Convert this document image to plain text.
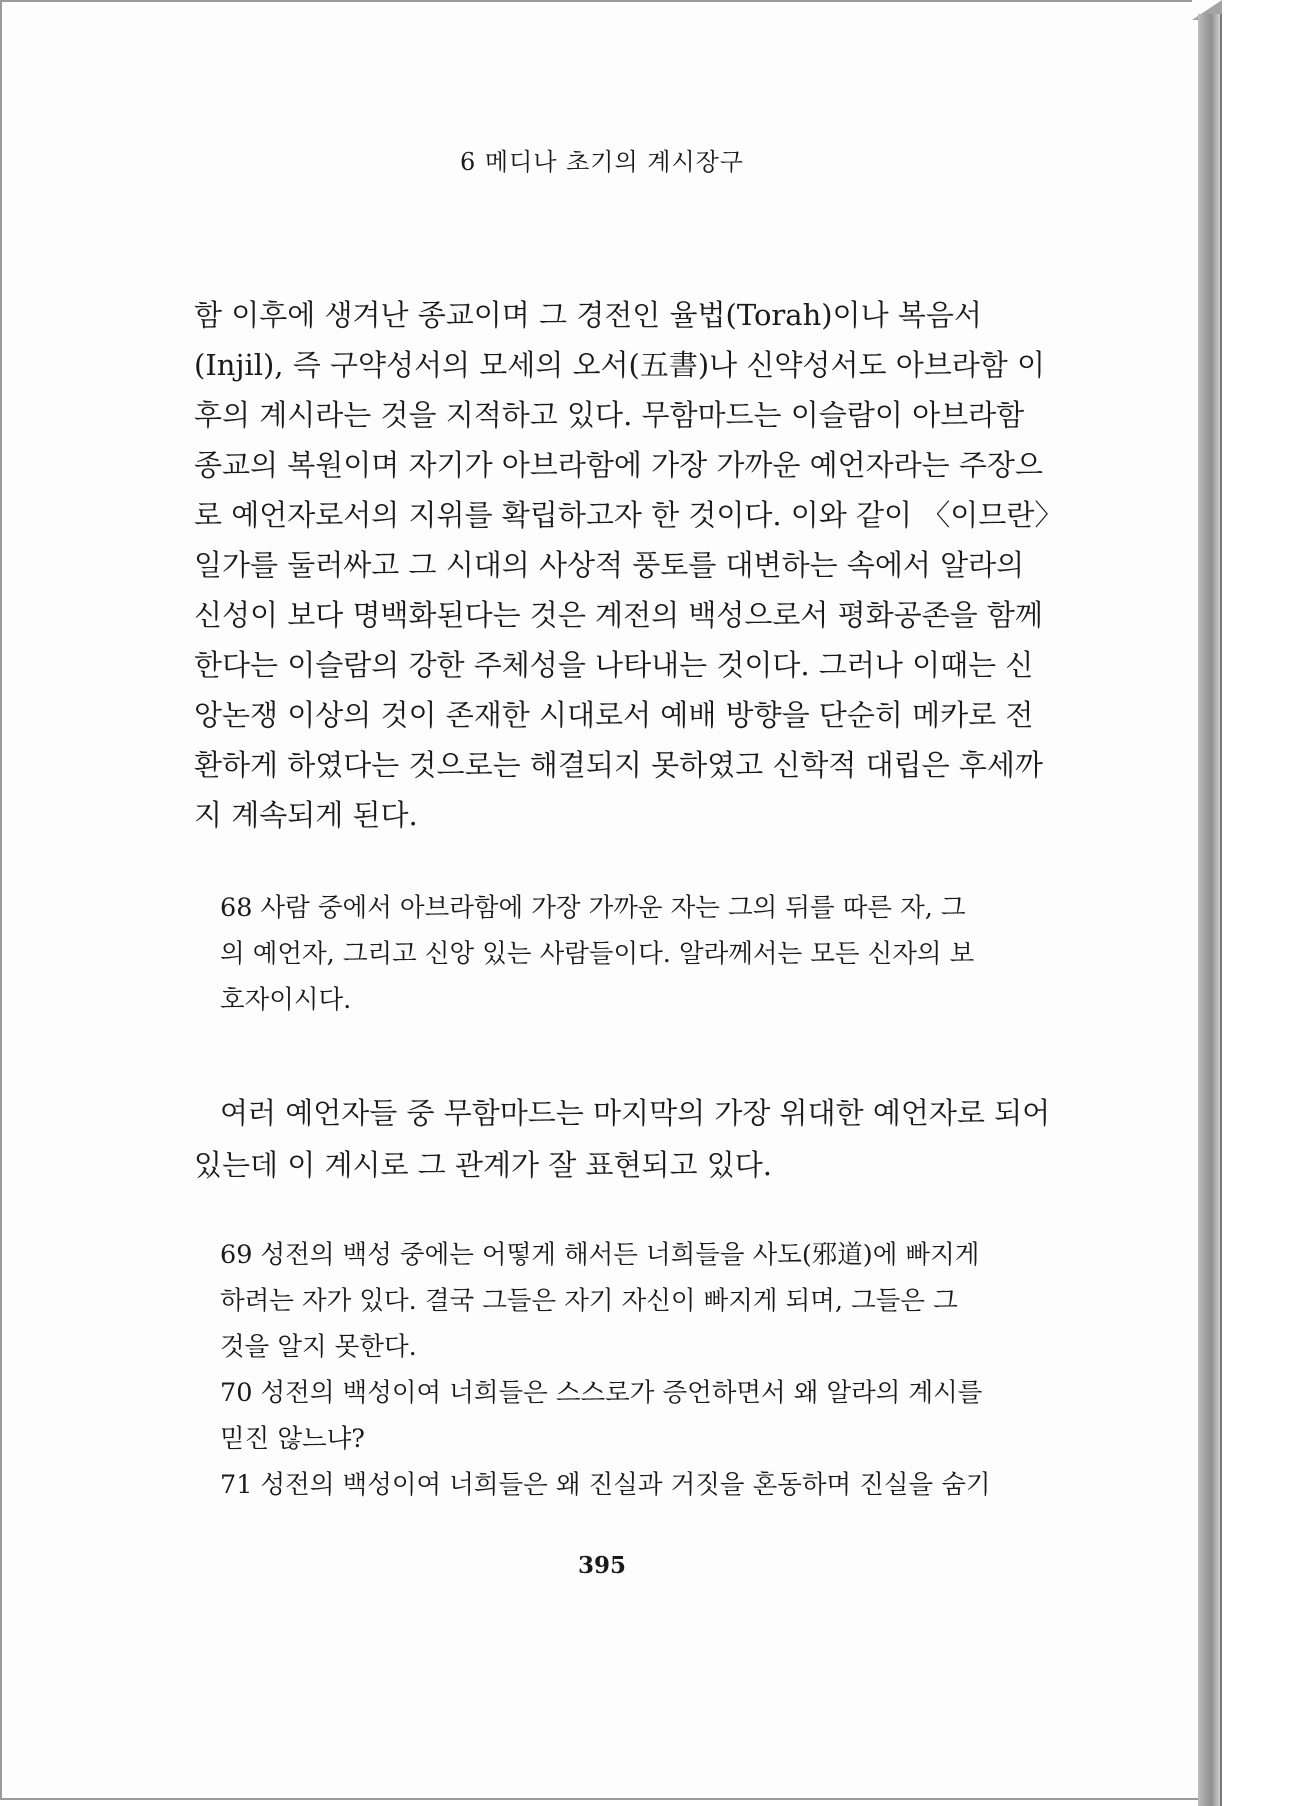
6 메디나 초기의 계시장구
함 이후에 생겨난 종교이며 그 경전인 율법(Torah)이나 복음서
(Injil), 즉 구약성서의 모세의 오서(五書)나 신약성서도 아브라함 이
후의 계시라는 것을 지적하고 있다. 무함마드는 이슬람이 아브라함
종교의 복원이며 자기가 아브라함에 가장 가까운 예언자라는 주장으
로 예언자로서의 지위를 확립하고자 한 것이다. 이와 같이 〈이므란〉
일가를 둘러싸고 그 시대의 사상적 풍토를 대변하는 속에서 알라의
신성이 보다 명백화된다는 것은 계전의 백성으로서 평화공존을 함께
한다는 이슬람의 강한 주체성을 나타내는 것이다. 그러나 이때는 신
앙논쟁 이상의 것이 존재한 시대로서 예배 방향을 단순히 메카로 전
환하게 하였다는 것으로는 해결되지 못하였고 신학적 대립은 후세까
지 계속되게 된다.
68 사람 중에서 아브라함에 가장 가까운 자는 그의 뒤를 따른 자, 그
의 예언자, 그리고 신앙 있는 사람들이다. 알라께서는 모든 신자의 보
호자이시다.
여러 예언자들 중 무함마드는 마지막의 가장 위대한 예언자로 되어
있는데 이 계시로 그 관계가 잘 표현되고 있다.
69 성전의 백성 중에는 어떻게 해서든 너희들을 사도(邪道)에 빠지게
하려는 자가 있다. 결국 그들은 자기 자신이 빠지게 되며, 그들은 그
것을 알지 못한다.
70 성전의 백성이여 너희들은 스스로가 증언하면서 왜 알라의 계시를
믿진 않느냐?
71 성전의 백성이여 너희들은 왜 진실과 거짓을 혼동하며 진실을 숨기
395
